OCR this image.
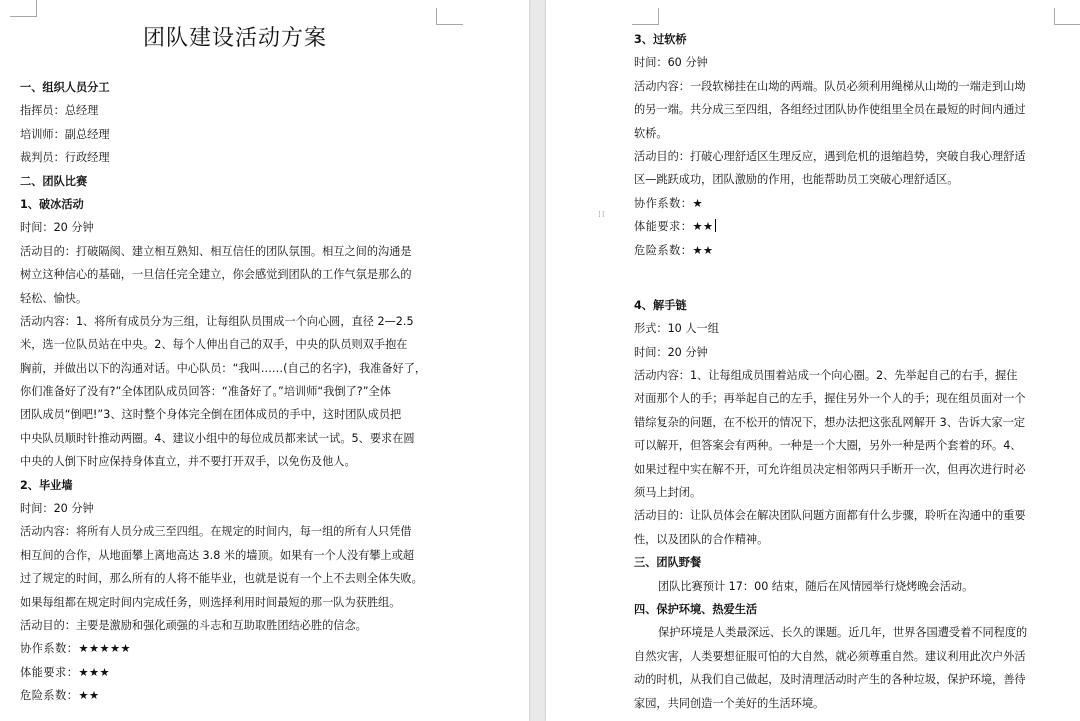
团队建设活动方案
一、组织人员分工
指挥员：总经理
培训师：副总经理
裁判员：行政经理
二、团队比赛
1、破冰活动
时间：20 分钟
活动目的：打破隔阂、建立相互熟知、相互信任的团队氛围。相互之间的沟通是
树立这种信心的基础，一旦信任完全建立，你会感觉到团队的工作气氛是那么的
轻松、愉快。
活动内容：1、将所有成员分为三组，让每组队员围成一个向心圆，直径 2—2.5
米，选一位队员站在中央。2、每个人伸出自己的双手，中央的队员则双手抱在
胸前，并做出以下的沟通对话。中心队员：“我叫……(自己的名字)，我准备好了，
你们准备好了没有?”全体团队成员回答：“准备好了。”培训师“我倒了?”全体
团队成员“倒吧!”3、这时整个身体完全倒在团体成员的手中，这时团队成员把
中央队员顺时针推动两圈。4、建议小组中的每位成员都来试一试。5、要求在圆
中央的人倒下时应保持身体直立，并不要打开双手，以免伤及他人。
2、毕业墙
时间：20 分钟
活动内容：将所有人员分成三至四组。在规定的时间内，每一组的所有人只凭借
相互间的合作，从地面攀上离地高达 3.8 米的墙顶。如果有一个人没有攀上或超
过了规定的时间，那么所有的人将不能毕业，也就是说有一个上不去则全体失败。
如果每组都在规定时间内完成任务，则选择利用时间最短的那一队为获胜组。
活动目的：主要是激励和强化顽强的斗志和互助取胜团结必胜的信念。
协作系数：★★★★★
体能要求：★★★
危险系数：★★
⁞⁞
3、过软桥
时间：60 分钟
活动内容：一段软梯挂在山坳的两端。队员必须利用绳梯从山坳的一端走到山坳
的另一端。共分成三至四组，各组经过团队协作使组里全员在最短的时间内通过
软桥。
活动目的：打破心理舒适区生理反应，遇到危机的退缩趋势，突破自我心理舒适
区—跳跃成功，团队激励的作用，也能帮助员工突破心理舒适区。
协作系数：★
体能要求：★★
危险系数：★★
4、解手链
形式：10 人一组
时间：20 分钟
活动内容：1、让每组成员围着站成一个向心圈。2、先举起自己的右手，握住
对面那个人的手；再举起自己的左手，握住另外一个人的手；现在组员面对一个
错综复杂的问题，在不松开的情况下，想办法把这张乱网解开 3、告诉大家一定
可以解开，但答案会有两种。一种是一个大圈，另外一种是两个套着的环。4、
如果过程中实在解不开，可允许组员决定相邻两只手断开一次，但再次进行时必
须马上封闭。
活动目的：让队员体会在解决团队问题方面都有什么步骤，聆听在沟通中的重要
性，以及团队的合作精神。
三、团队野餐
团队比赛预计 17：00 结束，随后在风情园举行烧烤晚会活动。
四、保护环境、热爱生活
保护环境是人类最深远、长久的课题。近几年，世界各国遭受着不同程度的
自然灾害，人类要想征服可怕的大自然，就必须尊重自然。建议利用此次户外活
动的时机，从我们自己做起，及时清理活动时产生的各种垃圾，保护环境，善待
家园，共同创造一个美好的生活环境。
